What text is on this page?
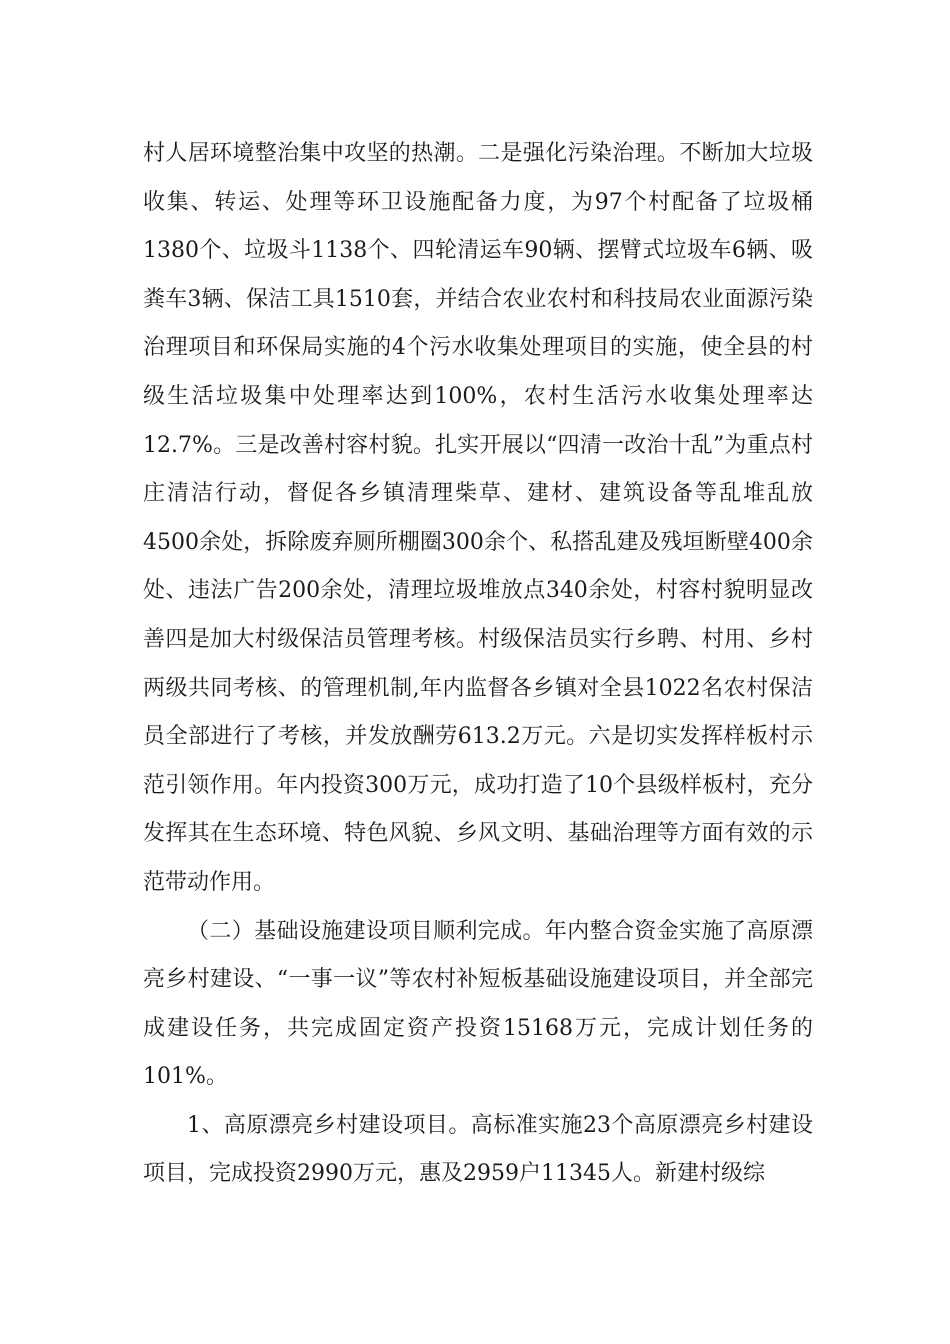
村人居环境整治集中攻坚的热潮。二是强化污染治理。不断加大垃圾收集、转运、处理等环卫设施配备力度，为97个村配备了垃圾桶1380个、垃圾斗1138个、四轮清运车90辆、摆臂式垃圾车6辆、吸粪车3辆、保洁工具1510套，并结合农业农村和科技局农业面源污染治理项目和环保局实施的4个污水收集处理项目的实施，使全县的村级生活垃圾集中处理率达到100%，农村生活污水收集处理率达12.7%。三是改善村容村貌。扎实开展以“四清一改治十乱”为重点村庄清洁行动，督促各乡镇清理柴草、建材、建筑设备等乱堆乱放4500余处，拆除废弃厕所棚圈300余个、私搭乱建及残垣断壁400余处、违法广告200余处，清理垃圾堆放点340余处，村容村貌明显改善四是加大村级保洁员管理考核。村级保洁员实行乡聘、村用、乡村两级共同考核、的管理机制,年内监督各乡镇对全县1022名农村保洁员全部进行了考核，并发放酬劳613.2万元。六是切实发挥样板村示范引领作用。年内投资300万元，成功打造了10个县级样板村，充分发挥其在生态环境、特色风貌、乡风文明、基础治理等方面有效的示范带动作用。

（二）基础设施建设项目顺利完成。年内整合资金实施了高原漂亮乡村建设、“一事一议”等农村补短板基础设施建设项目，并全部完成建设任务，共完成固定资产投资15168万元，完成计划任务的101%。

1、高原漂亮乡村建设项目。高标准实施23个高原漂亮乡村建设项目，完成投资2990万元，惠及2959户11345人。新建村级综
